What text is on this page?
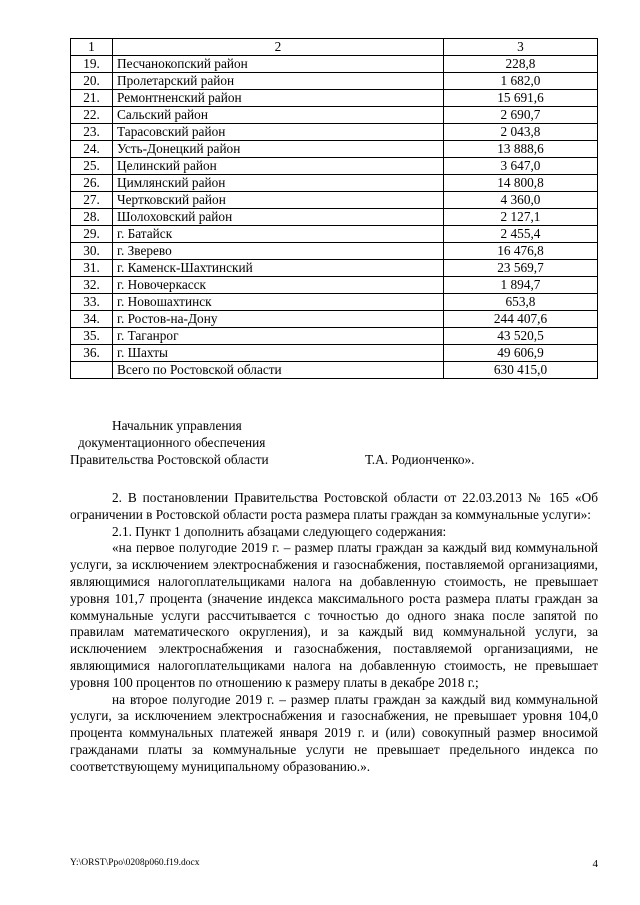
1	2	3
19.	Песчанокопский район	228,8
20.	Пролетарский район	1 682,0
21.	Ремонтненский район	15 691,6
22.	Сальский район	2 690,7
23.	Тарасовский район	2 043,8
24.	Усть-Донецкий район	13 888,6
25.	Целинский район	3 647,0
26.	Цимлянский район	14 800,8
27.	Чертковский район	4 360,0
28.	Шолоховский район	2 127,1
29.	г. Батайск	2 455,4
30.	г. Зверево	16 476,8
31.	г. Каменск-Шахтинский	23 569,7
32.	г. Новочеркасск	1 894,7
33.	г. Новошахтинск	653,8
34.	г. Ростов-на-Дону	244 407,6
35.	г. Таганрог	43 520,5
36.	г. Шахты	49 606,9
	Всего по Ростовской области	630 415,0
Начальник управления
документационного обеспечения
Правительства Ростовской области	Т.А. Родионченко».

2. В постановлении Правительства Ростовской области от 22.03.2013 № 165 «Об ограничении в Ростовской области роста размера платы граждан за коммунальные услуги»:

2.1. Пункт 1 дополнить абзацами следующего содержания:

«на первое полугодие 2019 г. – размер платы граждан за каждый вид коммунальной услуги, за исключением электроснабжения и газоснабжения, поставляемой организациями, являющимися налогоплательщиками налога на добавленную стоимость, не превышает уровня 101,7 процента (значение индекса максимального роста размера платы граждан за коммунальные услуги рассчитывается с точностью до одного знака после запятой по правилам математического округления), и за каждый вид коммунальной услуги, за исключением электроснабжения и газоснабжения, поставляемой организациями, не являющимися налогоплательщиками налога на добавленную стоимость, не превышает уровня 100 процентов по отношению к размеру платы в декабре 2018 г.;

на второе полугодие 2019 г. – размер платы граждан за каждый вид коммунальной услуги, за исключением электроснабжения и газоснабжения, не превышает уровня 104,0 процента коммунальных платежей января 2019 г. и (или) совокупный размер вносимой гражданами платы за коммунальные услуги не превышает предельного индекса по соответствующему муниципальному образованию.».

Y:\ORST\Ppo\0208p060.f19.docx	4
